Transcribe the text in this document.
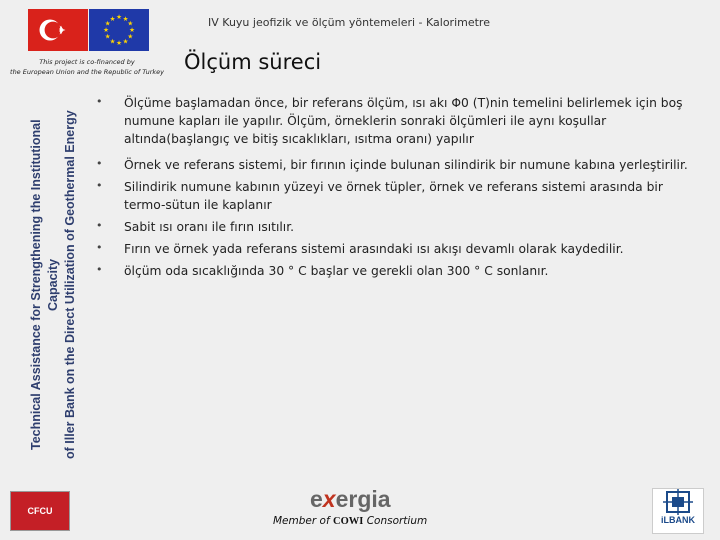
IV Kuyu jeofizik ve ölçüm yöntemeleri - Kalorimetre
★ ★
★
★
★
★
★
★
★
★
★
★
This project is co-financed by
the European Union and the Republic of Turkey
Technical Assistance for Strengthening the Institutional Capacity of Iller Bank on the Direct Utilization of Geothermal Energy
Ölçüm süreci
• Ölçüme başlamadan önce, bir referans ölçüm, ısı akı Φ0 (T)nin temelini belirlemek için boş numune kapları ile yapılır. Ölçüm, örneklerin sonraki ölçümleri ile aynı koşullar altında(başlangıç ve bitiş sıcaklıkları, ısıtma oranı) yapılır
• Örnek ve referans sistemi, bir fırının içinde bulunan silindirik bir numune kabına yerleştirilir.
• Silindirik numune kabının yüzeyi ve örnek tüpler, örnek ve referans sistemi arasında bir termo-sütun ile kaplanır
• Sabit ısı oranı ile fırın ısıtılır.
• Fırın ve örnek yada referans sistemi arasındaki ısı akışı devamlı olarak kaydedilir.
• ölçüm oda sıcaklığında 30 ° C başlar ve gerekli olan 300 ° C sonlanır.
CFCU	exergia
Member of COWI Consortium	iLBANK
